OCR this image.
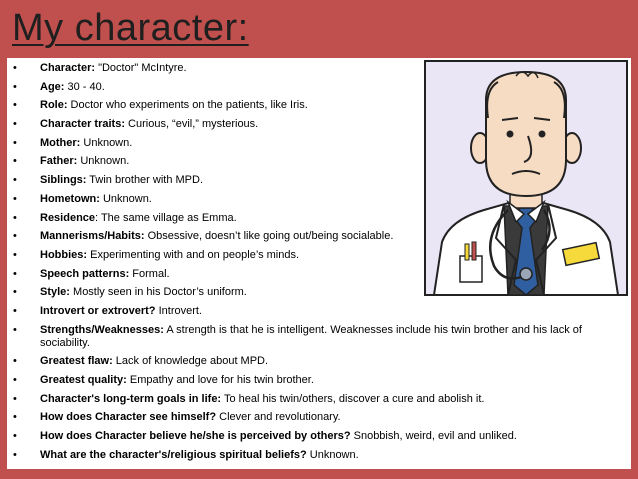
My character:
• Character: "Doctor" McIntyre.
• Age: 30 - 40.
• Role: Doctor who experiments on the patients, like Iris.
• Character traits: Curious, “evil,” mysterious.
• Mother: Unknown.
• Father: Unknown.
• Siblings: Twin brother with MPD.
• Hometown: Unknown.
• Residence: The same village as Emma.
• Mannerisms/Habits: Obsessive, doesn’t like going out/being socialable.
• Hobbies: Experimenting with and on people’s minds.
• Speech patterns: Formal.
• Style: Mostly seen in his Doctor’s uniform.
• Introvert or extrovert? Introvert.
• Strengths/Weaknesses: A strength is that he is intelligent. Weaknesses include his twin brother and his lack of sociability.
• Greatest flaw: Lack of knowledge about MPD.
• Greatest quality: Empathy and love for his twin brother.
• Character's long-term goals in life: To heal his twin/others, discover a cure and abolish it.
• How does Character see himself? Clever and revolutionary.
• How does Character believe he/she is perceived by others? Snobbish, weird, evil and unliked.
• What are the character's/religious spiritual beliefs? Unknown.
